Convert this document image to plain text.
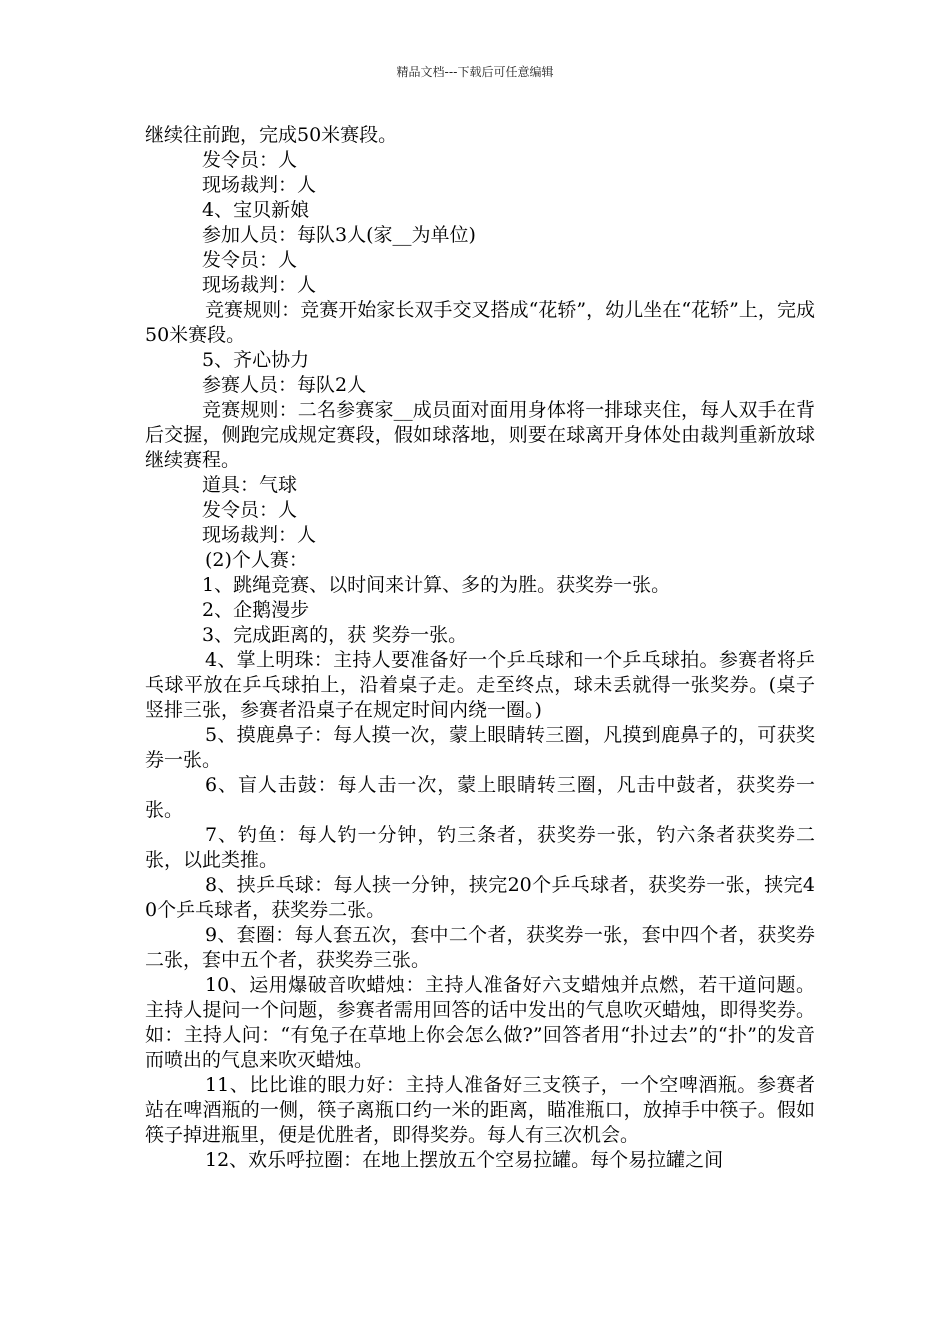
精品文档---下载后可任意编辑

继续往前跑，完成50米赛段。

发令员：人

现场裁判：人

4、宝贝新娘

参加人员：每队3人(家__为单位)

发令员：人

现场裁判：人

竞赛规则：竞赛开始家长双手交叉搭成“花轿”，幼儿坐在“花轿”上，完成50米赛段。

5、齐心协力

参赛人员：每队2人

竞赛规则：二名参赛家__成员面对面用身体将一排球夹住，每人双手在背后交握，侧跑完成规定赛段，假如球落地，则要在球离开身体处由裁判重新放球继续赛程。

道具：气球

发令员：人

现场裁判：人

(2)个人赛：

1、跳绳竞赛、以时间来计算、多的为胜。获奖券一张。

2、企鹅漫步

3、完成距离的，获 奖券一张。

4、掌上明珠：主持人要准备好一个乒乓球和一个乒乓球拍。参赛者将乒乓球平放在乒乓球拍上，沿着桌子走。走至终点，球未丢就得一张奖券。(桌子竖排三张，参赛者沿桌子在规定时间内绕一圈。)

5、摸鹿鼻子：每人摸一次，蒙上眼睛转三圈，凡摸到鹿鼻子的，可获奖券一张。

6、盲人击鼓：每人击一次，蒙上眼睛转三圈，凡击中鼓者，获奖券一张。

7、钓鱼：每人钓一分钟，钓三条者，获奖券一张，钓六条者获奖券二张，以此类推。

8、挟乒乓球：每人挟一分钟，挟完20个乒乓球者，获奖券一张，挟完40个乒乓球者，获奖券二张。

9、套圈：每人套五次，套中二个者，获奖券一张，套中四个者，获奖券二张，套中五个者，获奖券三张。

10、运用爆破音吹蜡烛：主持人准备好六支蜡烛并点燃，若干道问题。主持人提问一个问题，参赛者需用回答的话中发出的气息吹灭蜡烛，即得奖券。如：主持人问：“有兔子在草地上你会怎么做?”回答者用“扑过去”的“扑”的发音而喷出的气息来吹灭蜡烛。

11、比比谁的眼力好：主持人准备好三支筷子，一个空啤酒瓶。参赛者站在啤酒瓶的一侧，筷子离瓶口约一米的距离，瞄准瓶口，放掉手中筷子。假如筷子掉进瓶里，便是优胜者，即得奖券。每人有三次机会。

12、欢乐呼拉圈：在地上摆放五个空易拉罐。每个易拉罐之间
